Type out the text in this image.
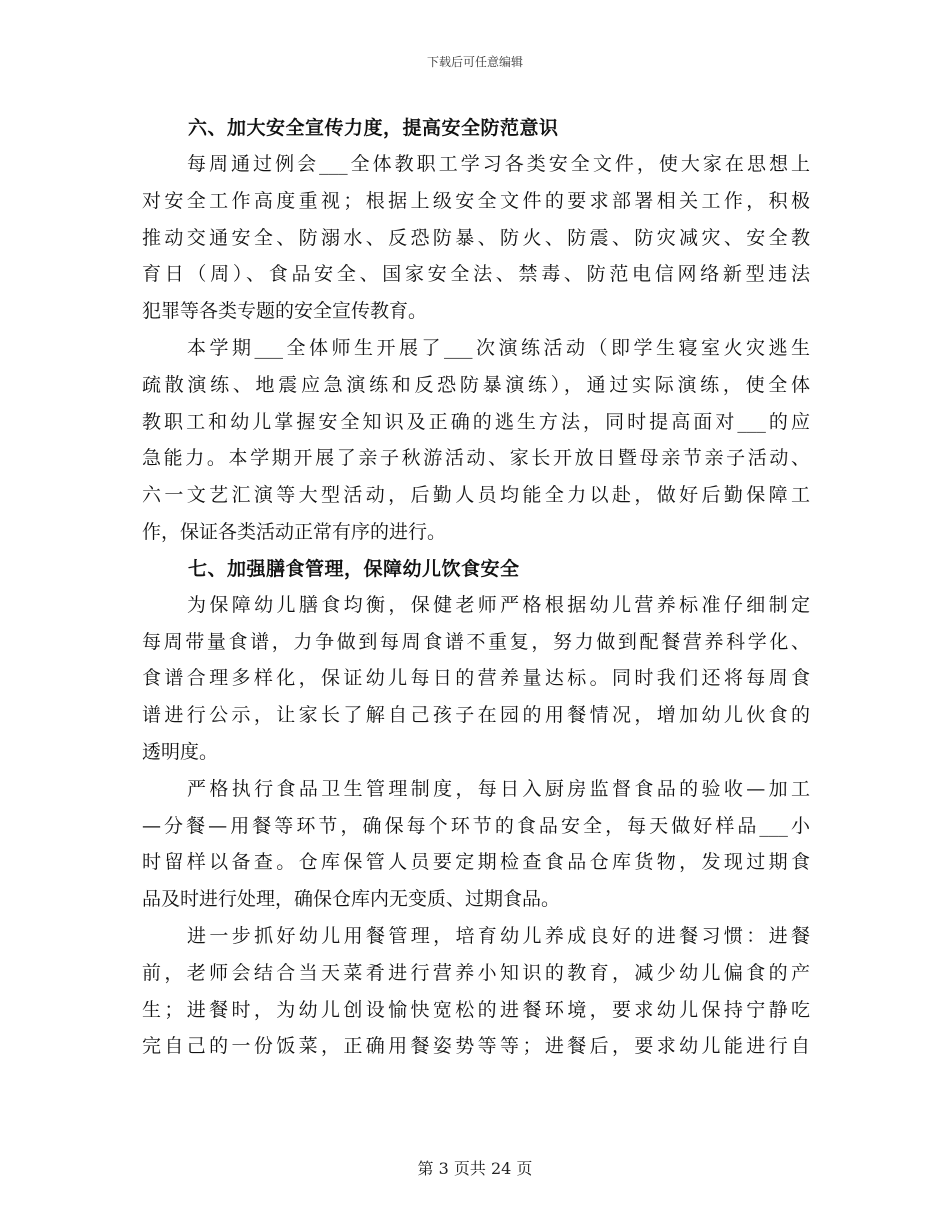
下载后可任意编辑
六、加大安全宣传力度，提高安全防范意识
每周通过例会___全体教职工学习各类安全文件，使大家在思想上
对安全工作高度重视；根据上级安全文件的要求部署相关工作，积极
推动交通安全、防溺水、反恐防暴、防火、防震、防灾减灾、安全教
育日（周）、食品安全、国家安全法、禁毒、防范电信网络新型违法
犯罪等各类专题的安全宣传教育。
本学期___全体师生开展了___次演练活动（即学生寝室火灾逃生
疏散演练、地震应急演练和反恐防暴演练），通过实际演练，使全体
教职工和幼儿掌握安全知识及正确的逃生方法，同时提高面对___的应
急能力。本学期开展了亲子秋游活动、家长开放日暨母亲节亲子活动、
六一文艺汇演等大型活动，后勤人员均能全力以赴，做好后勤保障工
作，保证各类活动正常有序的进行。
七、加强膳食管理，保障幼儿饮食安全
为保障幼儿膳食均衡，保健老师严格根据幼儿营养标准仔细制定
每周带量食谱，力争做到每周食谱不重复，努力做到配餐营养科学化、
食谱合理多样化，保证幼儿每日的营养量达标。同时我们还将每周食
谱进行公示，让家长了解自己孩子在园的用餐情况，增加幼儿伙食的
透明度。
严格执行食品卫生管理制度，每日入厨房监督食品的验收—加工
—分餐—用餐等环节，确保每个环节的食品安全，每天做好样品___小
时留样以备查。仓库保管人员要定期检查食品仓库货物，发现过期食
品及时进行处理，确保仓库内无变质、过期食品。
进一步抓好幼儿用餐管理，培育幼儿养成良好的进餐习惯：进餐
前，老师会结合当天菜肴进行营养小知识的教育，减少幼儿偏食的产
生；进餐时，为幼儿创设愉快宽松的进餐环境，要求幼儿保持宁静吃
完自己的一份饭菜，正确用餐姿势等等；进餐后，要求幼儿能进行自
第 3 页共 24 页
